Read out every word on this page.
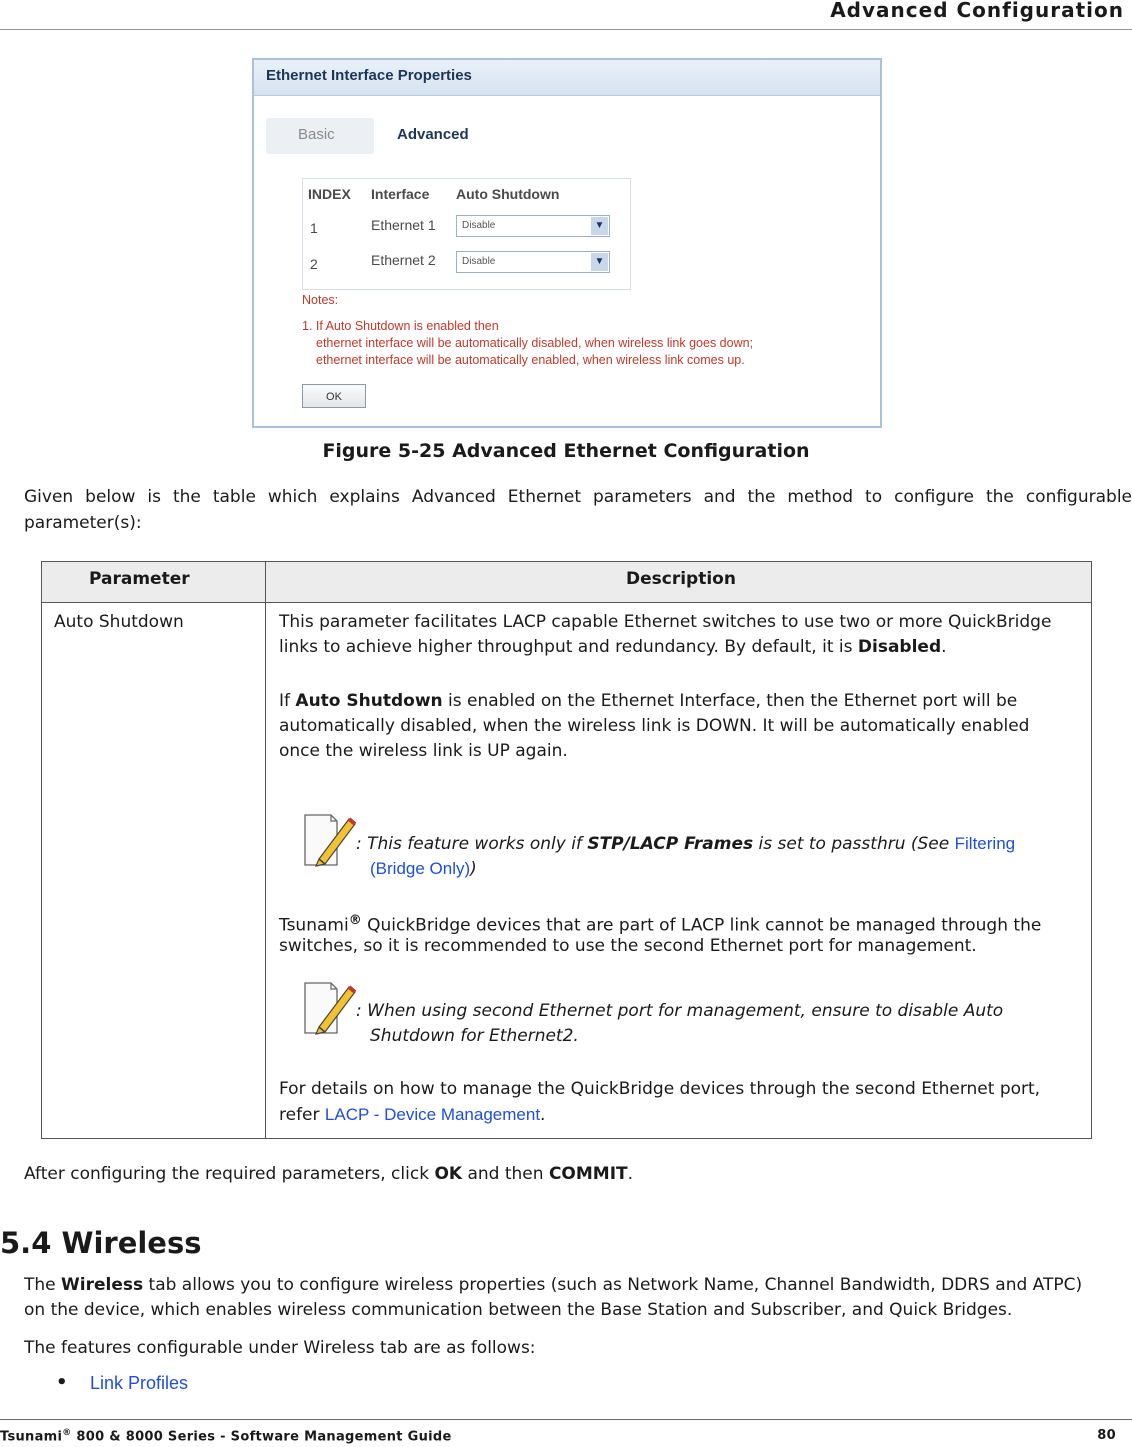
Advanced Configuration
Ethernet Interface Properties
Basic	Advanced
INDEX Interface Auto Shutdown
1	Ethernet 1	Disable	▼
2	Ethernet 2	Disable	▼
Notes:
1. If Auto Shutdown is enabled then
ethernet interface will be automatically disabled, when wireless link goes down;
ethernet interface will be automatically enabled, when wireless link comes up.
OK
Figure 5-25 Advanced Ethernet Configuration
Given below is the table which explains Advanced Ethernet parameters and the method to configure the configurable
parameter(s):
Parameter	Description
Auto Shutdown	This parameter facilitates LACP capable Ethernet switches to use two or more QuickBridge
links to achieve higher throughput and redundancy. By default, it is Disabled.
If Auto Shutdown is enabled on the Ethernet Interface, then the Ethernet port will be
automatically disabled, when the wireless link is DOWN. It will be automatically enabled
once the wireless link is UP again.
: This feature works only if STP/LACP Frames is set to passthru (See Filtering
(Bridge Only))
Tsunami® QuickBridge devices that are part of LACP link cannot be managed through the
switches, so it is recommended to use the second Ethernet port for management.
: When using second Ethernet port for management, ensure to disable Auto
Shutdown for Ethernet2.
For details on how to manage the QuickBridge devices through the second Ethernet port,
refer LACP - Device Management.
After configuring the required parameters, click OK and then COMMIT.
5.4 Wireless
The Wireless tab allows you to configure wireless properties (such as Network Name, Channel Bandwidth, DDRS and ATPC)
on the device, which enables wireless communication between the Base Station and Subscriber, and Quick Bridges.
The features configurable under Wireless tab are as follows:
• Link Profiles
Tsunami® 800 & 8000 Series - Software Management Guide	80
